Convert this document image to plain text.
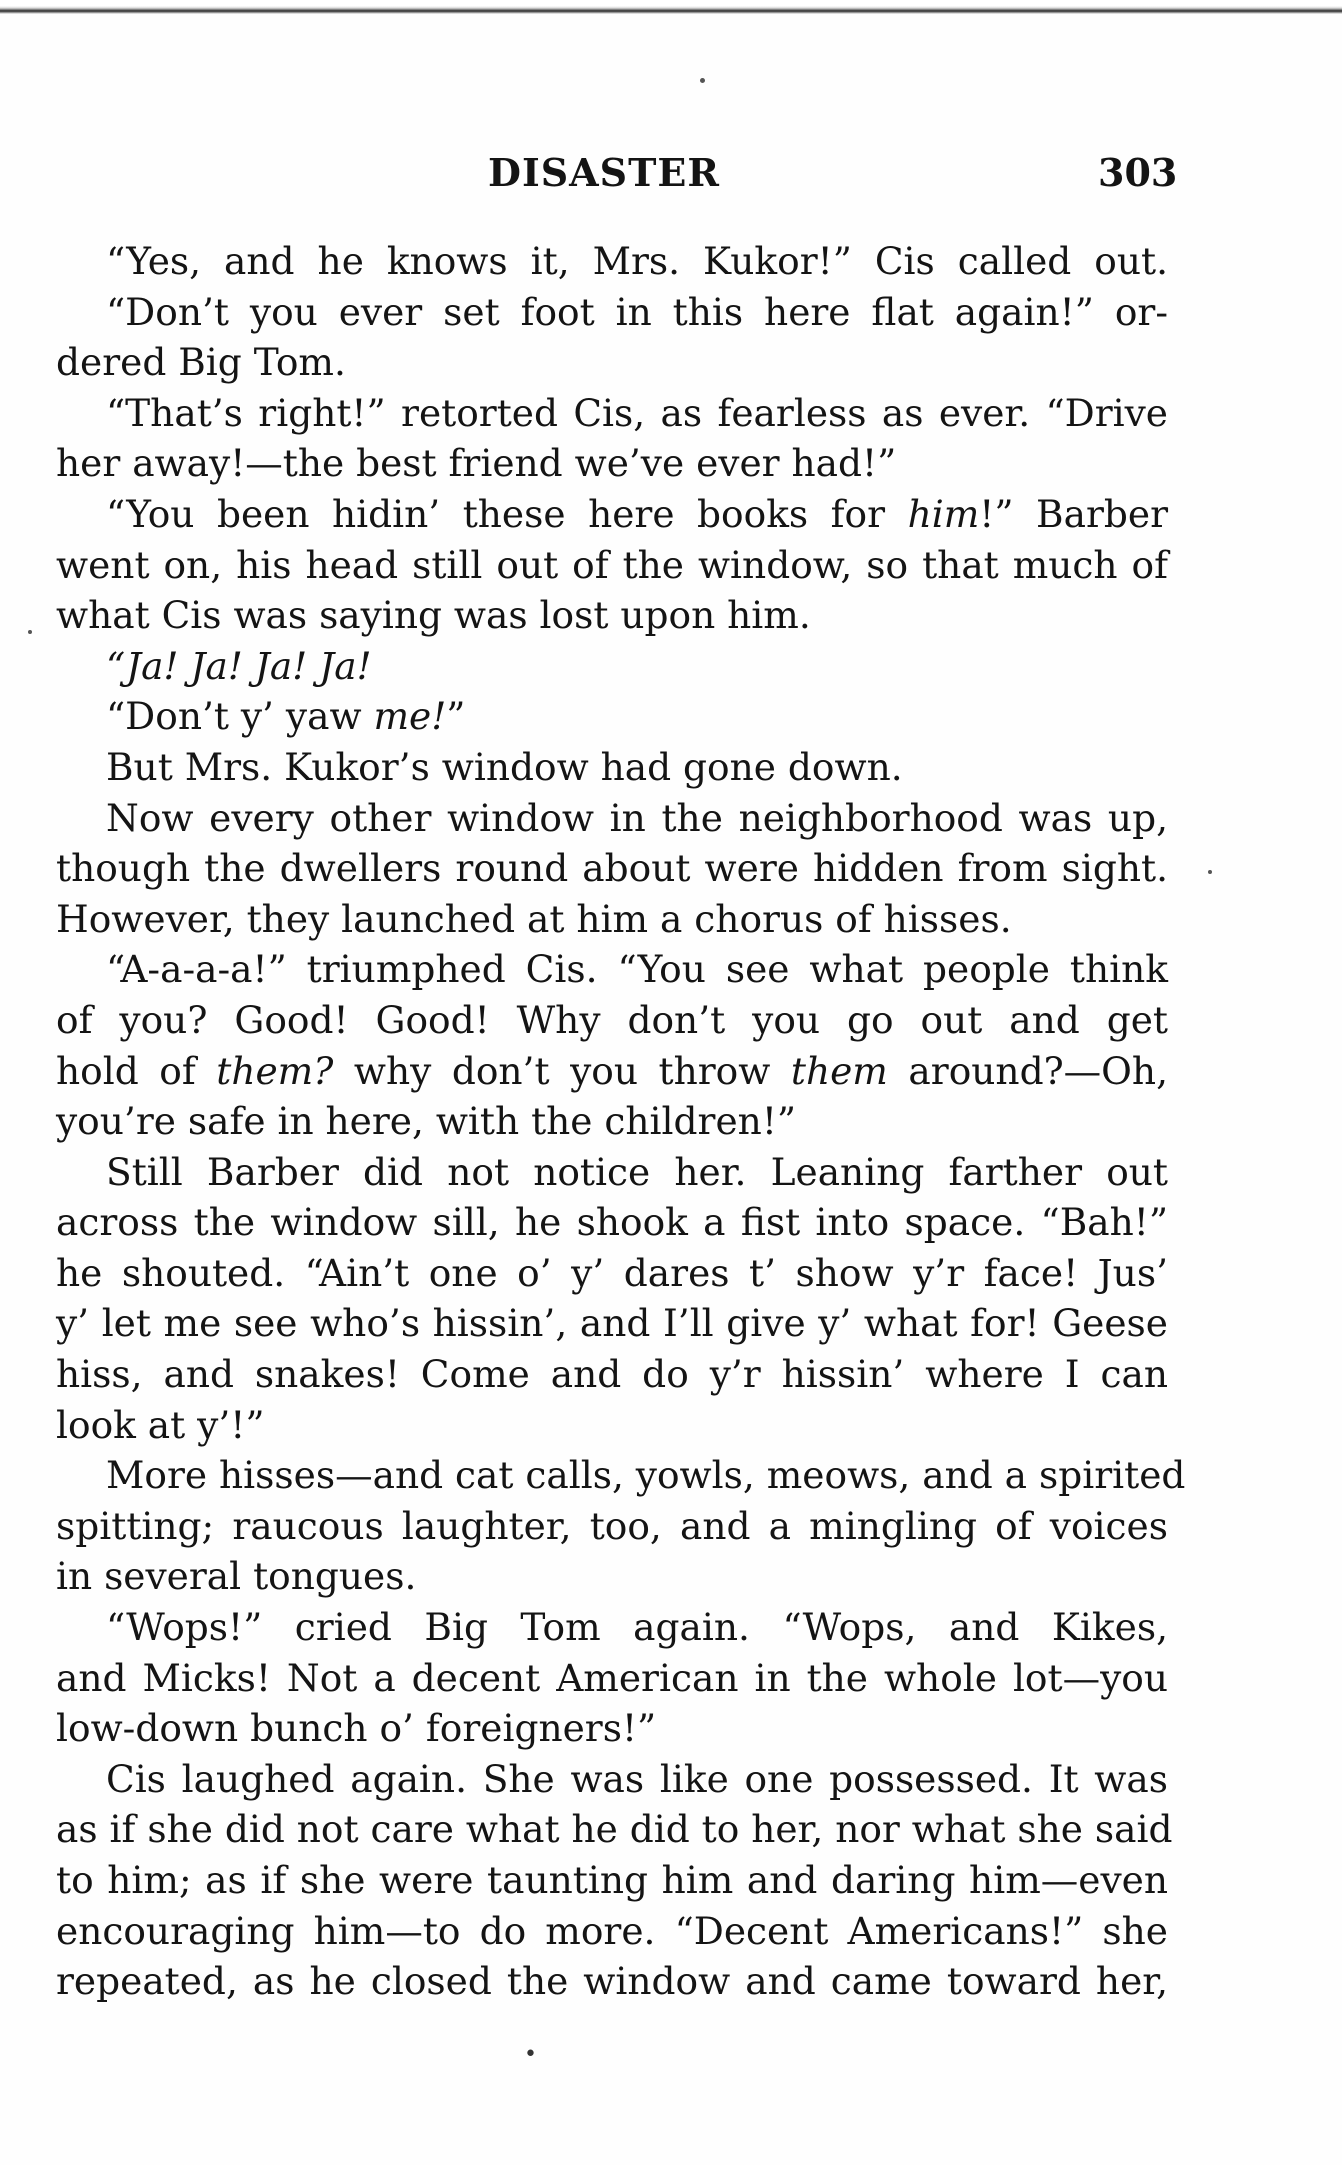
DISASTER	303
“Yes, and he knows it, Mrs. Kukor!” Cis called out.
“Don’t you ever set foot in this here flat again!” or-
dered Big Tom.
“That’s right!” retorted Cis, as fearless as ever. “Drive
her away!—the best friend we’ve ever had!”
“You been hidin’ these here books for him!” Barber
went on, his head still out of the window, so that much of
what Cis was saying was lost upon him.
“Ja! Ja! Ja! Ja!
“Don’t y’ yaw me!”
But Mrs. Kukor’s window had gone down.
Now every other window in the neighborhood was up,
though the dwellers round about were hidden from sight.
However, they launched at him a chorus of hisses.
“A-a-a-a!” triumphed Cis. “You see what people think
of you? Good! Good! Why don’t you go out and get
hold of them? why don’t you throw them around?—Oh,
you’re safe in here, with the children!”
Still Barber did not notice her. Leaning farther out
across the window sill, he shook a fist into space. “Bah!”
he shouted. “Ain’t one o’ y’ dares t’ show y’r face! Jus’
y’ let me see who’s hissin’, and I’ll give y’ what for! Geese
hiss, and snakes! Come and do y’r hissin’ where I can
look at y’!”
More hisses—and cat calls, yowls, meows, and a spirited
spitting; raucous laughter, too, and a mingling of voices
in several tongues.
“Wops!” cried Big Tom again. “Wops, and Kikes,
and Micks! Not a decent American in the whole lot—you
low-down bunch o’ foreigners!”
Cis laughed again. She was like one possessed. It was
as if she did not care what he did to her, nor what she said
to him; as if she were taunting him and daring him—even
encouraging him—to do more. “Decent Americans!” she
repeated, as he closed the window and came toward her,
•
